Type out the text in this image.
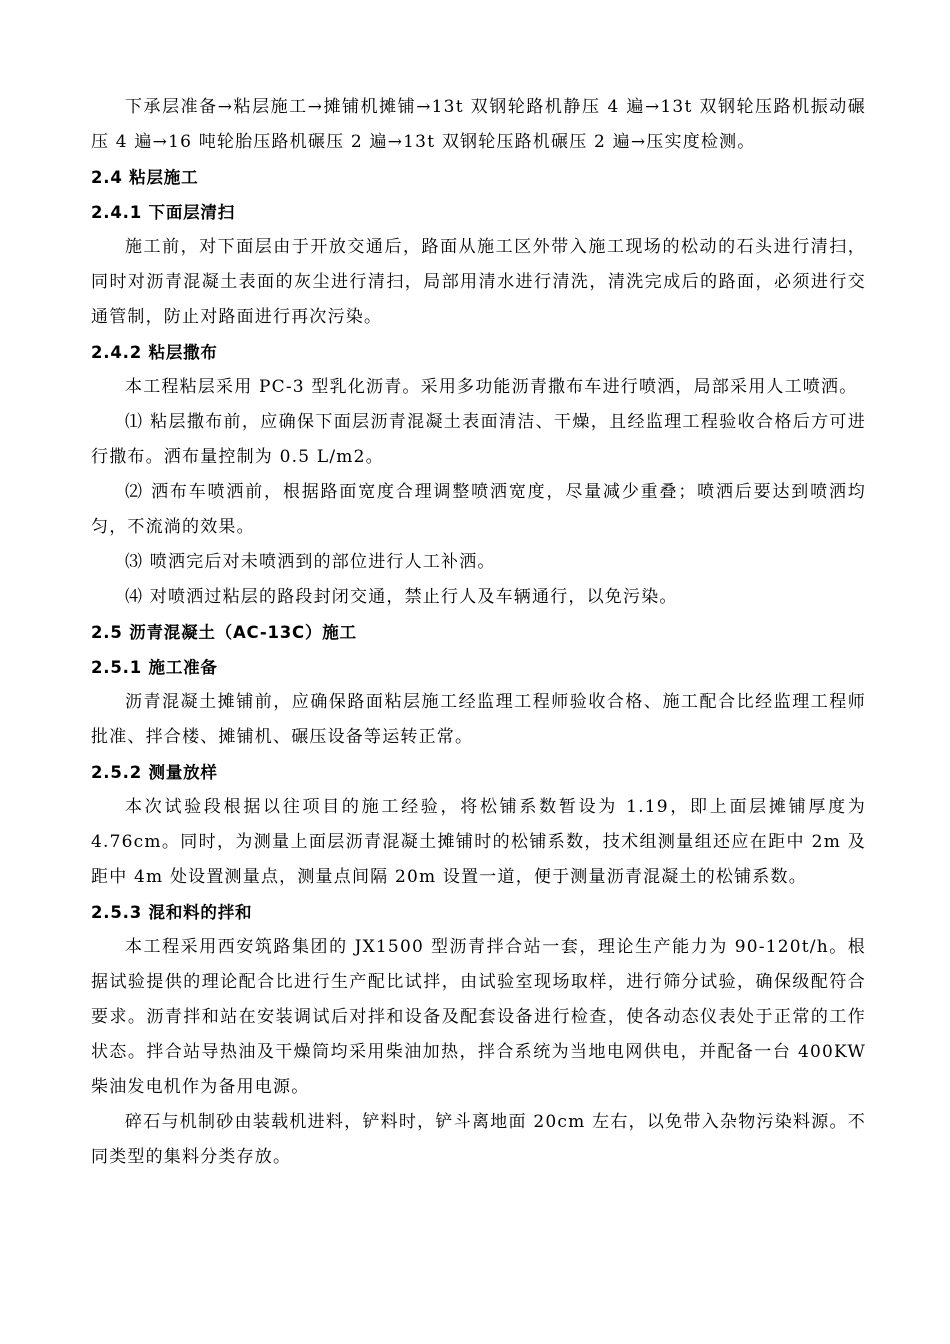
下承层准备→粘层施工→摊铺机摊铺→13t 双钢轮路机静压 4 遍→13t 双钢轮压路机振动碾压 4 遍→16 吨轮胎压路机碾压 2 遍→13t 双钢轮压路机碾压 2 遍→压实度检测。

2.4 粘层施工

2.4.1 下面层清扫

施工前，对下面层由于开放交通后，路面从施工区外带入施工现场的松动的石头进行清扫，同时对沥青混凝土表面的灰尘进行清扫，局部用清水进行清洗，清洗完成后的路面，必须进行交通管制，防止对路面进行再次污染。

2.4.2 粘层撒布

本工程粘层采用 PC-3 型乳化沥青。采用多功能沥青撒布车进行喷洒，局部采用人工喷洒。

⑴ 粘层撒布前，应确保下面层沥青混凝土表面清洁、干燥，且经监理工程验收合格后方可进行撒布。洒布量控制为 0.5 L/m2。

⑵ 洒布车喷洒前，根据路面宽度合理调整喷洒宽度，尽量减少重叠；喷洒后要达到喷洒均匀，不流淌的效果。

⑶ 喷洒完后对未喷洒到的部位进行人工补洒。

⑷ 对喷洒过粘层的路段封闭交通，禁止行人及车辆通行，以免污染。

2.5 沥青混凝土（AC-13C）施工

2.5.1 施工准备

沥青混凝土摊铺前，应确保路面粘层施工经监理工程师验收合格、施工配合比经监理工程师批准、拌合楼、摊铺机、碾压设备等运转正常。

2.5.2 测量放样

本次试验段根据以往项目的施工经验，将松铺系数暂设为 1.19，即上面层摊铺厚度为 4.76cm。同时，为测量上面层沥青混凝土摊铺时的松铺系数，技术组测量组还应在距中 2m 及距中 4m 处设置测量点，测量点间隔 20m 设置一道，便于测量沥青混凝土的松铺系数。

2.5.3 混和料的拌和

本工程采用西安筑路集团的 JX1500 型沥青拌合站一套，理论生产能力为 90-120t/h。根据试验提供的理论配合比进行生产配比试拌，由试验室现场取样，进行筛分试验，确保级配符合要求。沥青拌和站在安装调试后对拌和设备及配套设备进行检查，使各动态仪表处于正常的工作状态。拌合站导热油及干燥筒均采用柴油加热，拌合系统为当地电网供电，并配备一台 400KW 柴油发电机作为备用电源。

碎石与机制砂由装载机进料，铲料时，铲斗离地面 20cm 左右，以免带入杂物污染料源。不同类型的集料分类存放。
